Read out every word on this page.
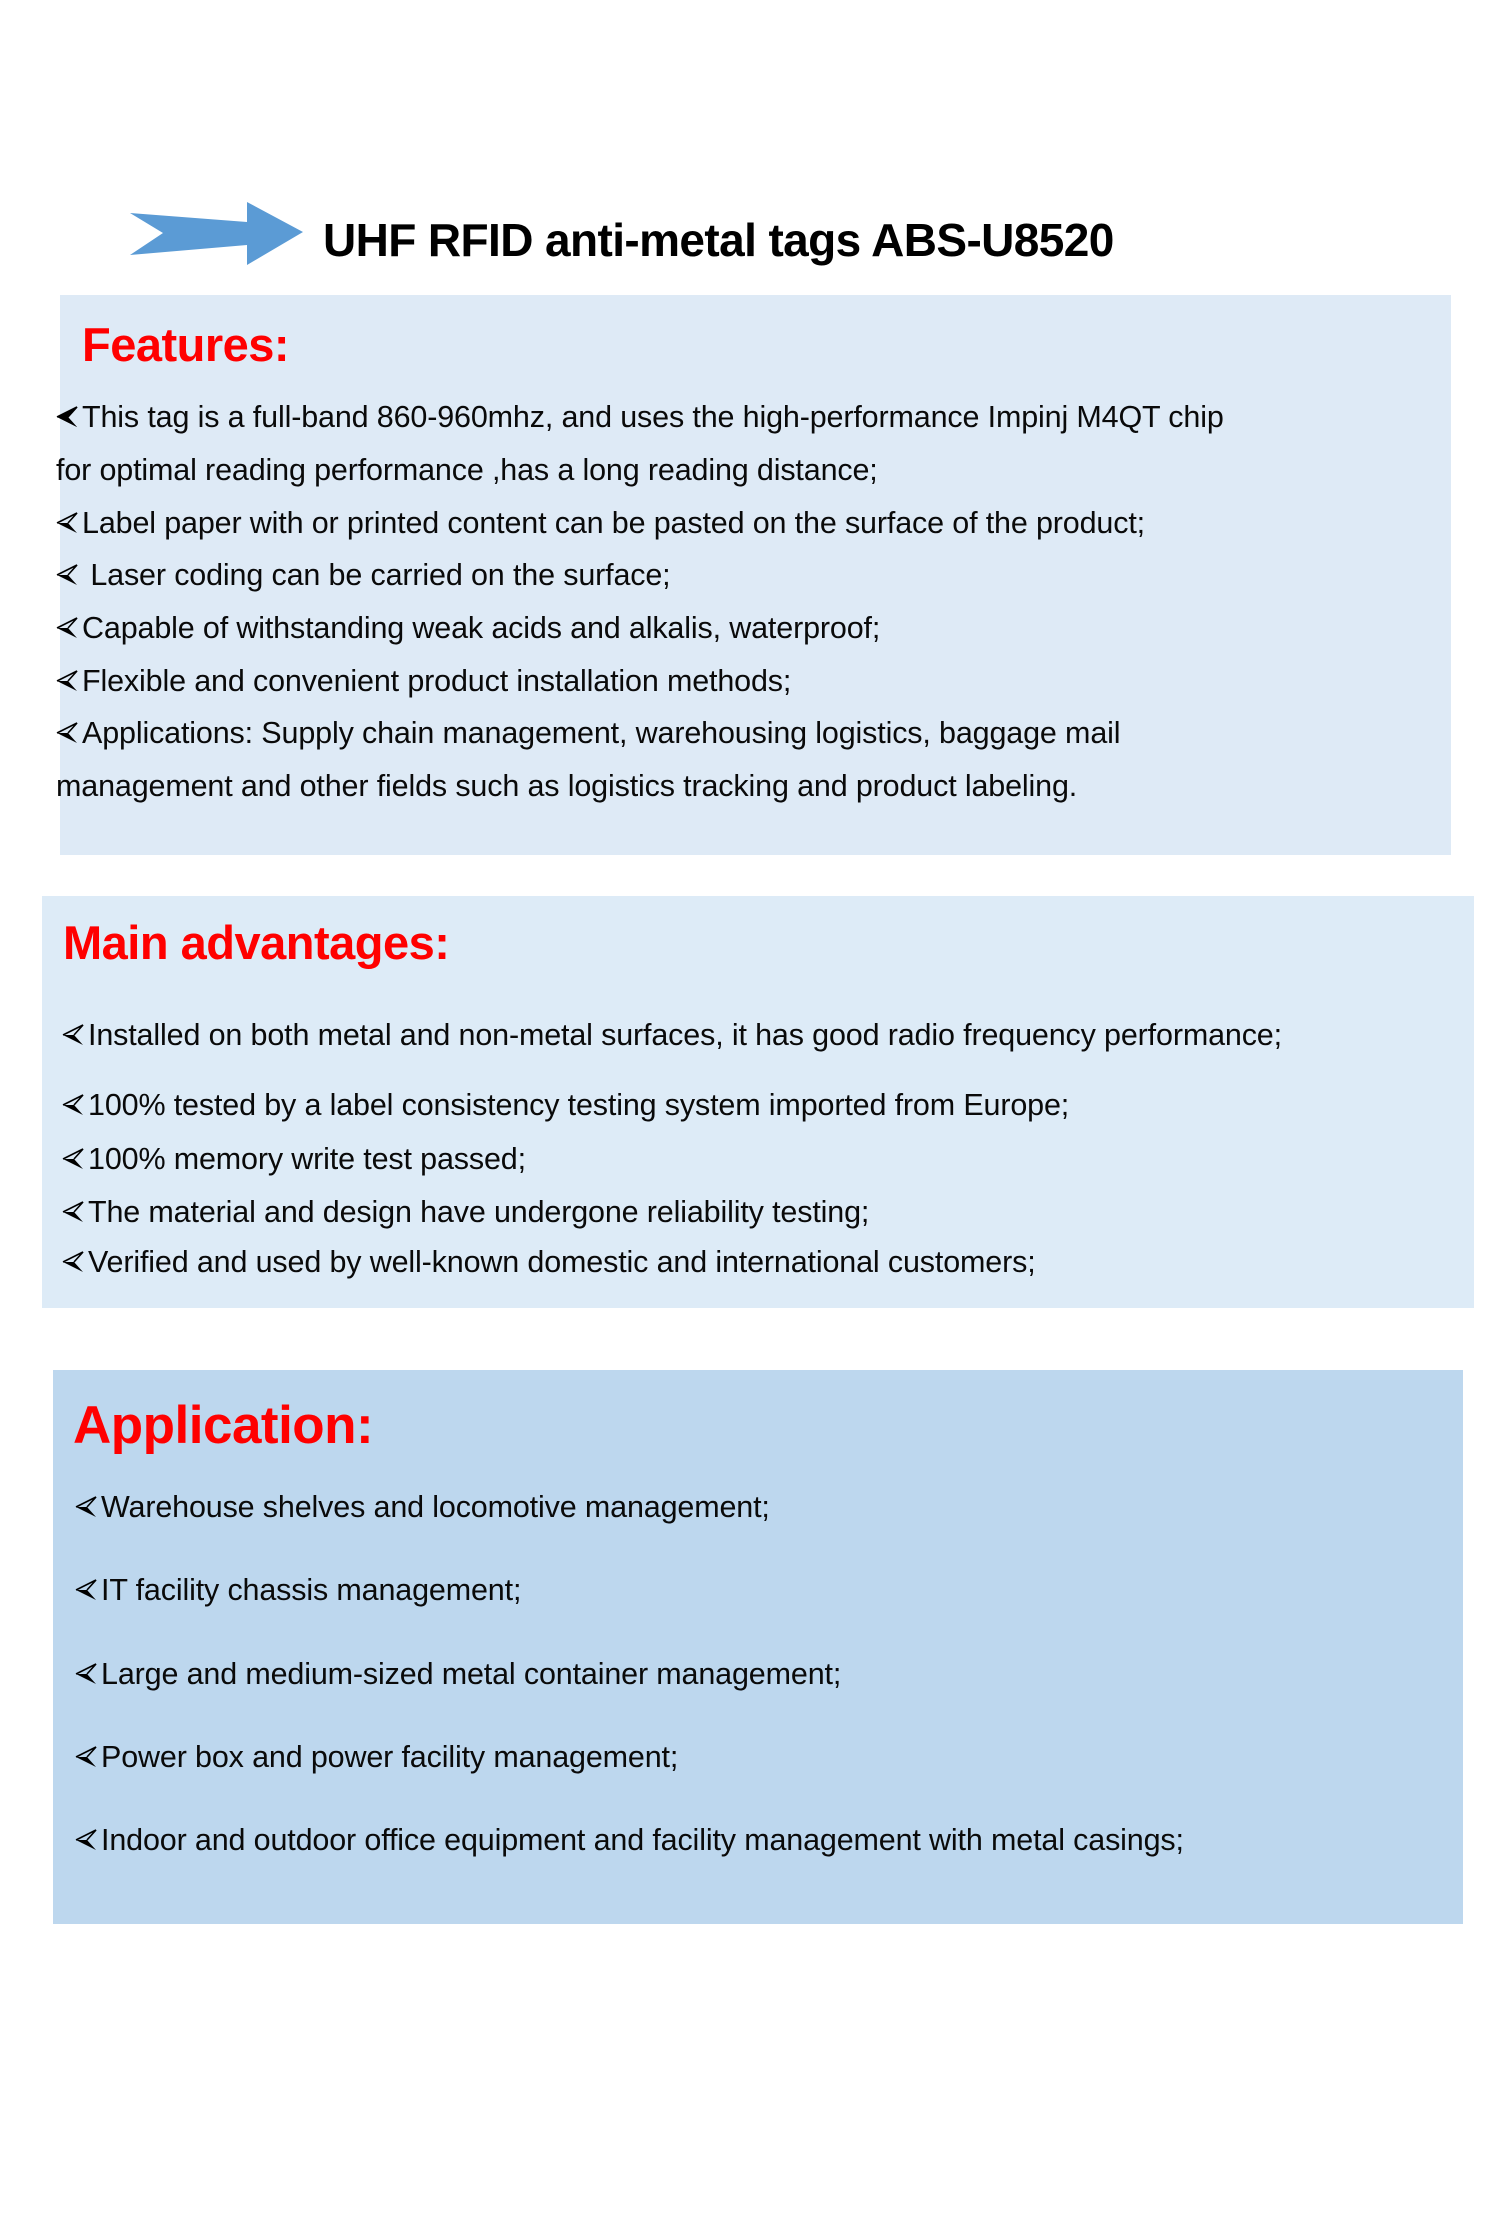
UHF RFID anti-metal tags ABS-U8520
Features:
This tag is a full-band 860-960mhz, and uses the high-performance Impinj M4QT chip
for optimal reading performance ,has a long reading distance;
Label paper with or printed content can be pasted on the surface of the product;
Laser coding can be carried on the surface;
Capable of withstanding weak acids and alkalis, waterproof;
Flexible and convenient product installation methods;
Applications: Supply chain management, warehousing logistics, baggage mail
management and other fields such as logistics tracking and product labeling.
Main advantages:
Installed on both metal and non-metal surfaces, it has good radio frequency performance;
100% tested by a label consistency testing system imported from Europe;
100% memory write test passed;
The material and design have undergone reliability testing;
Verified and used by well-known domestic and international customers;
Application:
Warehouse shelves and locomotive management;
IT facility chassis management;
Large and medium-sized metal container management;
Power box and power facility management;
Indoor and outdoor office equipment and facility management with metal casings;
